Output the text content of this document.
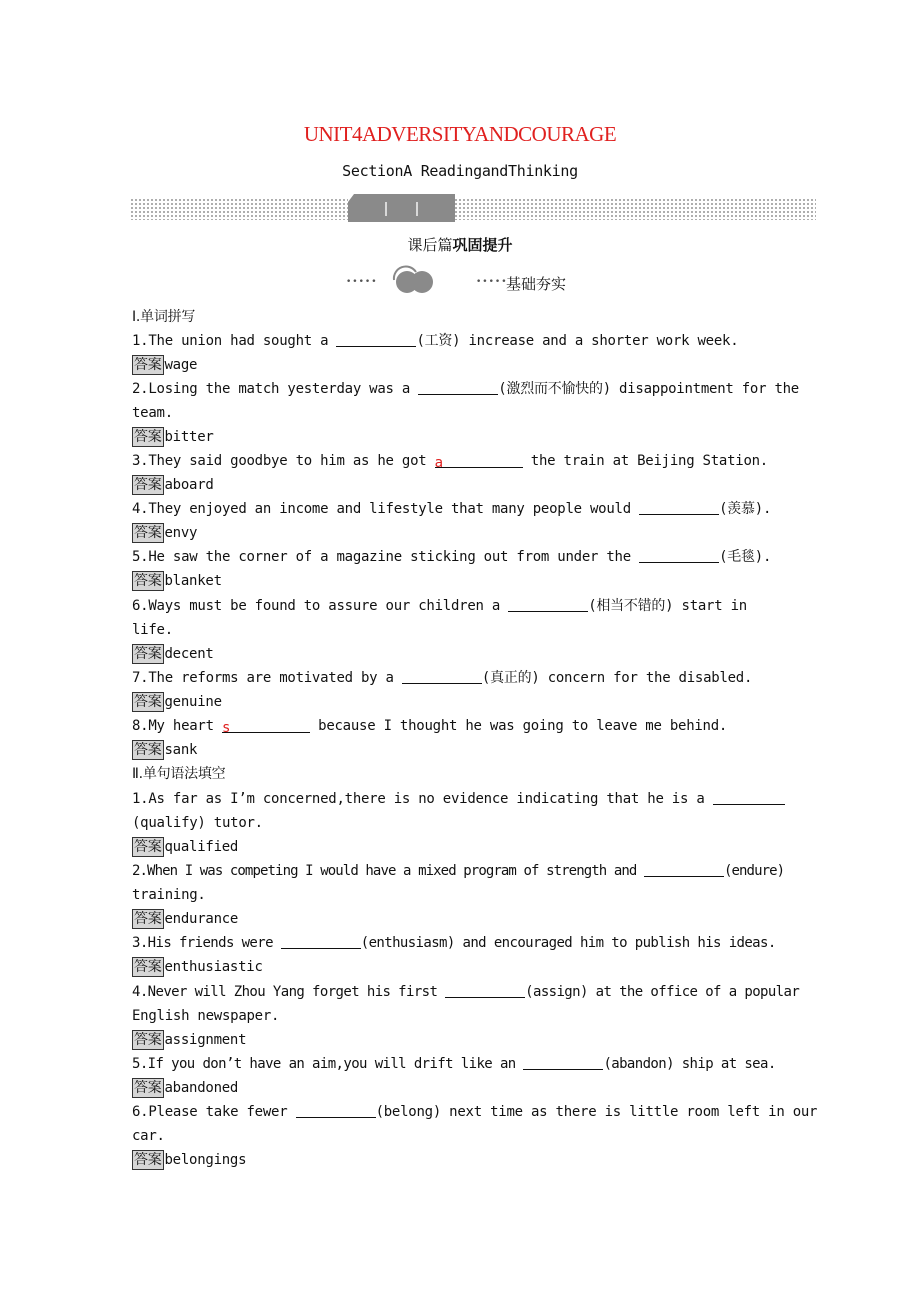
UNIT4ADVERSITYANDCOURAGE
SectionA ReadingandThinking
课后篇巩固提升
•••••	•••••
基础夯实
Ⅰ.单词拼写
1.The union had sought a	(工资) increase and a shorter work week.
答案 wage
2.Losing the match yesterday was a	(激烈而不愉快的) disappointment for the
team.
答案 bitter
3.They said goodbye to him as he got a	the train at Beijing Station.
答案 aboard
4.They enjoyed an income and lifestyle that many people would	(羡慕).
答案 envy
5.He saw the corner of a magazine sticking out from under the	(毛毯).
答案 blanket
6.Ways must be found to assure our children a	(相当不错的) start in
life.
答案 decent
7.The reforms are motivated by a	(真正的) concern for the disabled.
答案 genuine
8.My heart s	because I thought he was going to leave me behind.
答案 sank
Ⅱ.单句语法填空
1.As far as I’m concerned,there is no evidence indicating that he is a
(qualify) tutor.
答案 qualified
2.When I was competing I would have a mixed program of strength and	(endure)
training.
答案 endurance
3.His friends were	(enthusiasm) and encouraged him to publish his ideas.
答案 enthusiastic
4.Never will Zhou Yang forget his first	(assign) at the office of a popular
English newspaper.
答案 assignment
5.If you don’t have an aim,you will drift like an	(abandon) ship at sea.
答案 abandoned
6.Please take fewer	(belong) next time as there is little room left in our
car.
答案 belongings
